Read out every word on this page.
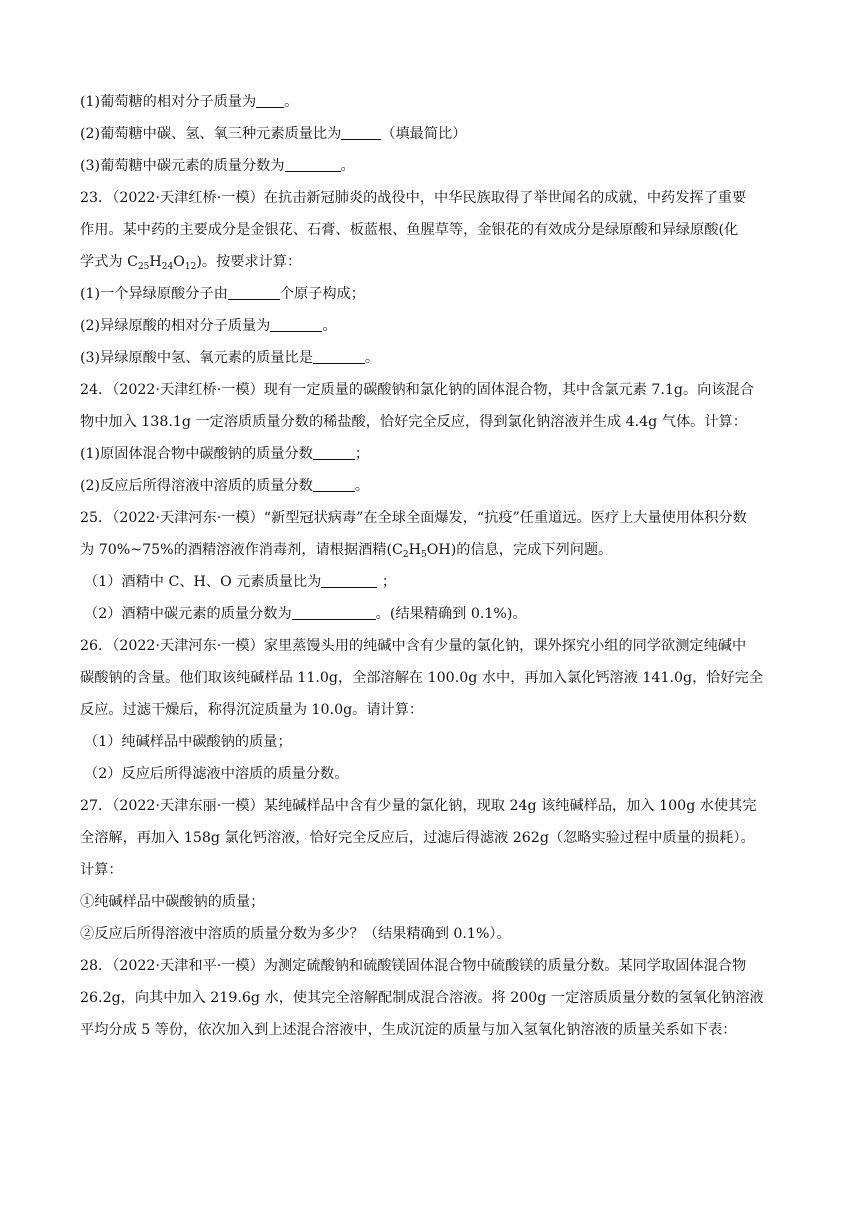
(1)葡萄糖的相对分子质量为 。
(2)葡萄糖中碳、氢、氧三种元素质量比为	（填最简比）
(3)葡萄糖中碳元素的质量分数为	。
23．（2022·天津红桥·一模）在抗击新冠肺炎的战役中，中华民族取得了举世闻名的成就，中药发挥了重要
作用。某中药的主要成分是金银花、石膏、板蓝根、鱼腥草等，金银花的有效成分是绿原酸和异绿原酸(化
学式为 $C_{25}H_{24}O_{12}$)。按要求计算：
(1)一个异绿原酸分子由	个原子构成；
(2)异绿原酸的相对分子质量为	。
(3)异绿原酸中氢、氧元素的质量比是	。
24．（2022·天津红桥·一模）现有一定质量的碳酸钠和氯化钠的固体混合物，其中含氯元素 7.1g。向该混合
物中加入 138.1g 一定溶质质量分数的稀盐酸，恰好完全反应，得到氯化钠溶液并生成 4.4g 气体。计算：
(1)原固体混合物中碳酸钠的质量分数	；
(2)反应后所得溶液中溶质的质量分数	。
25．（2022·天津河东·一模）“新型冠状病毒”在全球全面爆发，“抗疫”任重道远。医疗上大量使用体积分数
为 70%~75%的酒精溶液作消毒剂，请根据酒精$(C_2H_5OH)$的信息，完成下列问题。
（1）酒精中 C、H、O 元素质量比为	；
（2）酒精中碳元素的质量分数为	。(结果精确到 0.1%)。
26．（2022·天津河东·一模）家里蒸馒头用的纯碱中含有少量的氯化钠，课外探究小组的同学欲测定纯碱中
碳酸钠的含量。他们取该纯碱样品 11.0g，全部溶解在 100.0g 水中，再加入氯化钙溶液 141.0g，恰好完全
反应。过滤干燥后，称得沉淀质量为 10.0g。请计算：
（1）纯碱样品中碳酸钠的质量；
（2）反应后所得滤液中溶质的质量分数。
27．（2022·天津东丽·一模）某纯碱样品中含有少量的氯化钠，现取 24g 该纯碱样品，加入 100g 水使其完
全溶解，再加入 158g 氯化钙溶液，恰好完全反应后，过滤后得滤液 262g（忽略实验过程中质量的损耗）。
计算：
①纯碱样品中碳酸钠的质量；
②反应后所得溶液中溶质的质量分数为多少？（结果精确到 0.1%）。
28．（2022·天津和平·一模）为测定硫酸钠和硫酸镁固体混合物中硫酸镁的质量分数。某同学取固体混合物
26.2g，向其中加入 219.6g 水，使其完全溶解配制成混合溶液。将 200g 一定溶质质量分数的氢氧化钠溶液
平均分成 5 等份，依次加入到上述混合溶液中，生成沉淀的质量与加入氢氧化钠溶液的质量关系如下表：
